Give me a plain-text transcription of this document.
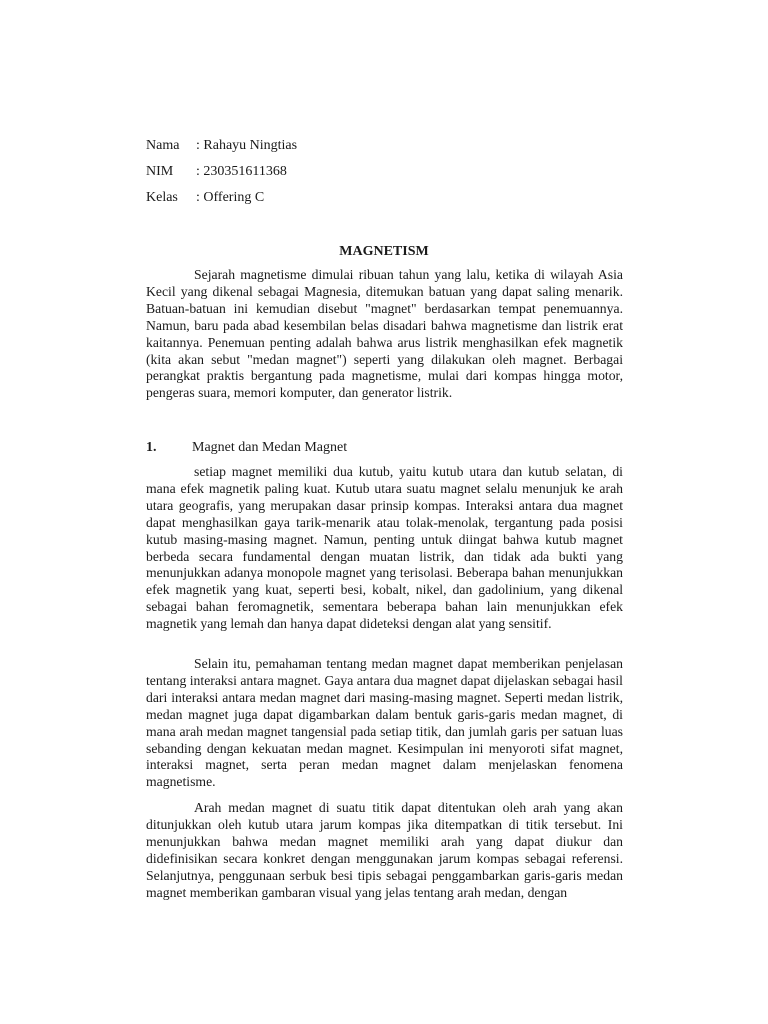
Nama : Rahayu Ningtias
NIM : 230351611368
Kelas : Offering C
MAGNETISM

Sejarah magnetisme dimulai ribuan tahun yang lalu, ketika di wilayah Asia Kecil yang dikenal sebagai Magnesia, ditemukan batuan yang dapat saling menarik. Batuan-batuan ini kemudian disebut "magnet" berdasarkan tempat penemuannya. Namun, baru pada abad kesembilan belas disadari bahwa magnetisme dan listrik erat kaitannya. Penemuan penting adalah bahwa arus listrik menghasilkan efek magnetik (kita akan sebut "medan magnet") seperti yang dilakukan oleh magnet. Berbagai perangkat praktis bergantung pada magnetisme, mulai dari kompas hingga motor, pengeras suara, memori komputer, dan generator listrik.

1.	Magnet dan Medan Magnet

setiap magnet memiliki dua kutub, yaitu kutub utara dan kutub selatan, di mana efek magnetik paling kuat. Kutub utara suatu magnet selalu menunjuk ke arah utara geografis, yang merupakan dasar prinsip kompas. Interaksi antara dua magnet dapat menghasilkan gaya tarik-menarik atau tolak-menolak, tergantung pada posisi kutub masing-masing magnet. Namun, penting untuk diingat bahwa kutub magnet berbeda secara fundamental dengan muatan listrik, dan tidak ada bukti yang menunjukkan adanya monopole magnet yang terisolasi. Beberapa bahan menunjukkan efek magnetik yang kuat, seperti besi, kobalt, nikel, dan gadolinium, yang dikenal sebagai bahan feromagnetik, sementara beberapa bahan lain menunjukkan efek magnetik yang lemah dan hanya dapat dideteksi dengan alat yang sensitif.

Selain itu, pemahaman tentang medan magnet dapat memberikan penjelasan tentang interaksi antara magnet. Gaya antara dua magnet dapat dijelaskan sebagai hasil dari interaksi antara medan magnet dari masing-masing magnet. Seperti medan listrik, medan magnet juga dapat digambarkan dalam bentuk garis-garis medan magnet, di mana arah medan magnet tangensial pada setiap titik, dan jumlah garis per satuan luas sebanding dengan kekuatan medan magnet. Kesimpulan ini menyoroti sifat magnet, interaksi magnet, serta peran medan magnet dalam menjelaskan fenomena magnetisme.

Arah medan magnet di suatu titik dapat ditentukan oleh arah yang akan ditunjukkan oleh kutub utara jarum kompas jika ditempatkan di titik tersebut. Ini menunjukkan bahwa medan magnet memiliki arah yang dapat diukur dan didefinisikan secara konkret dengan menggunakan jarum kompas sebagai referensi. Selanjutnya, penggunaan serbuk besi tipis sebagai penggambarkan garis-garis medan magnet memberikan gambaran visual yang jelas tentang arah medan, dengan
